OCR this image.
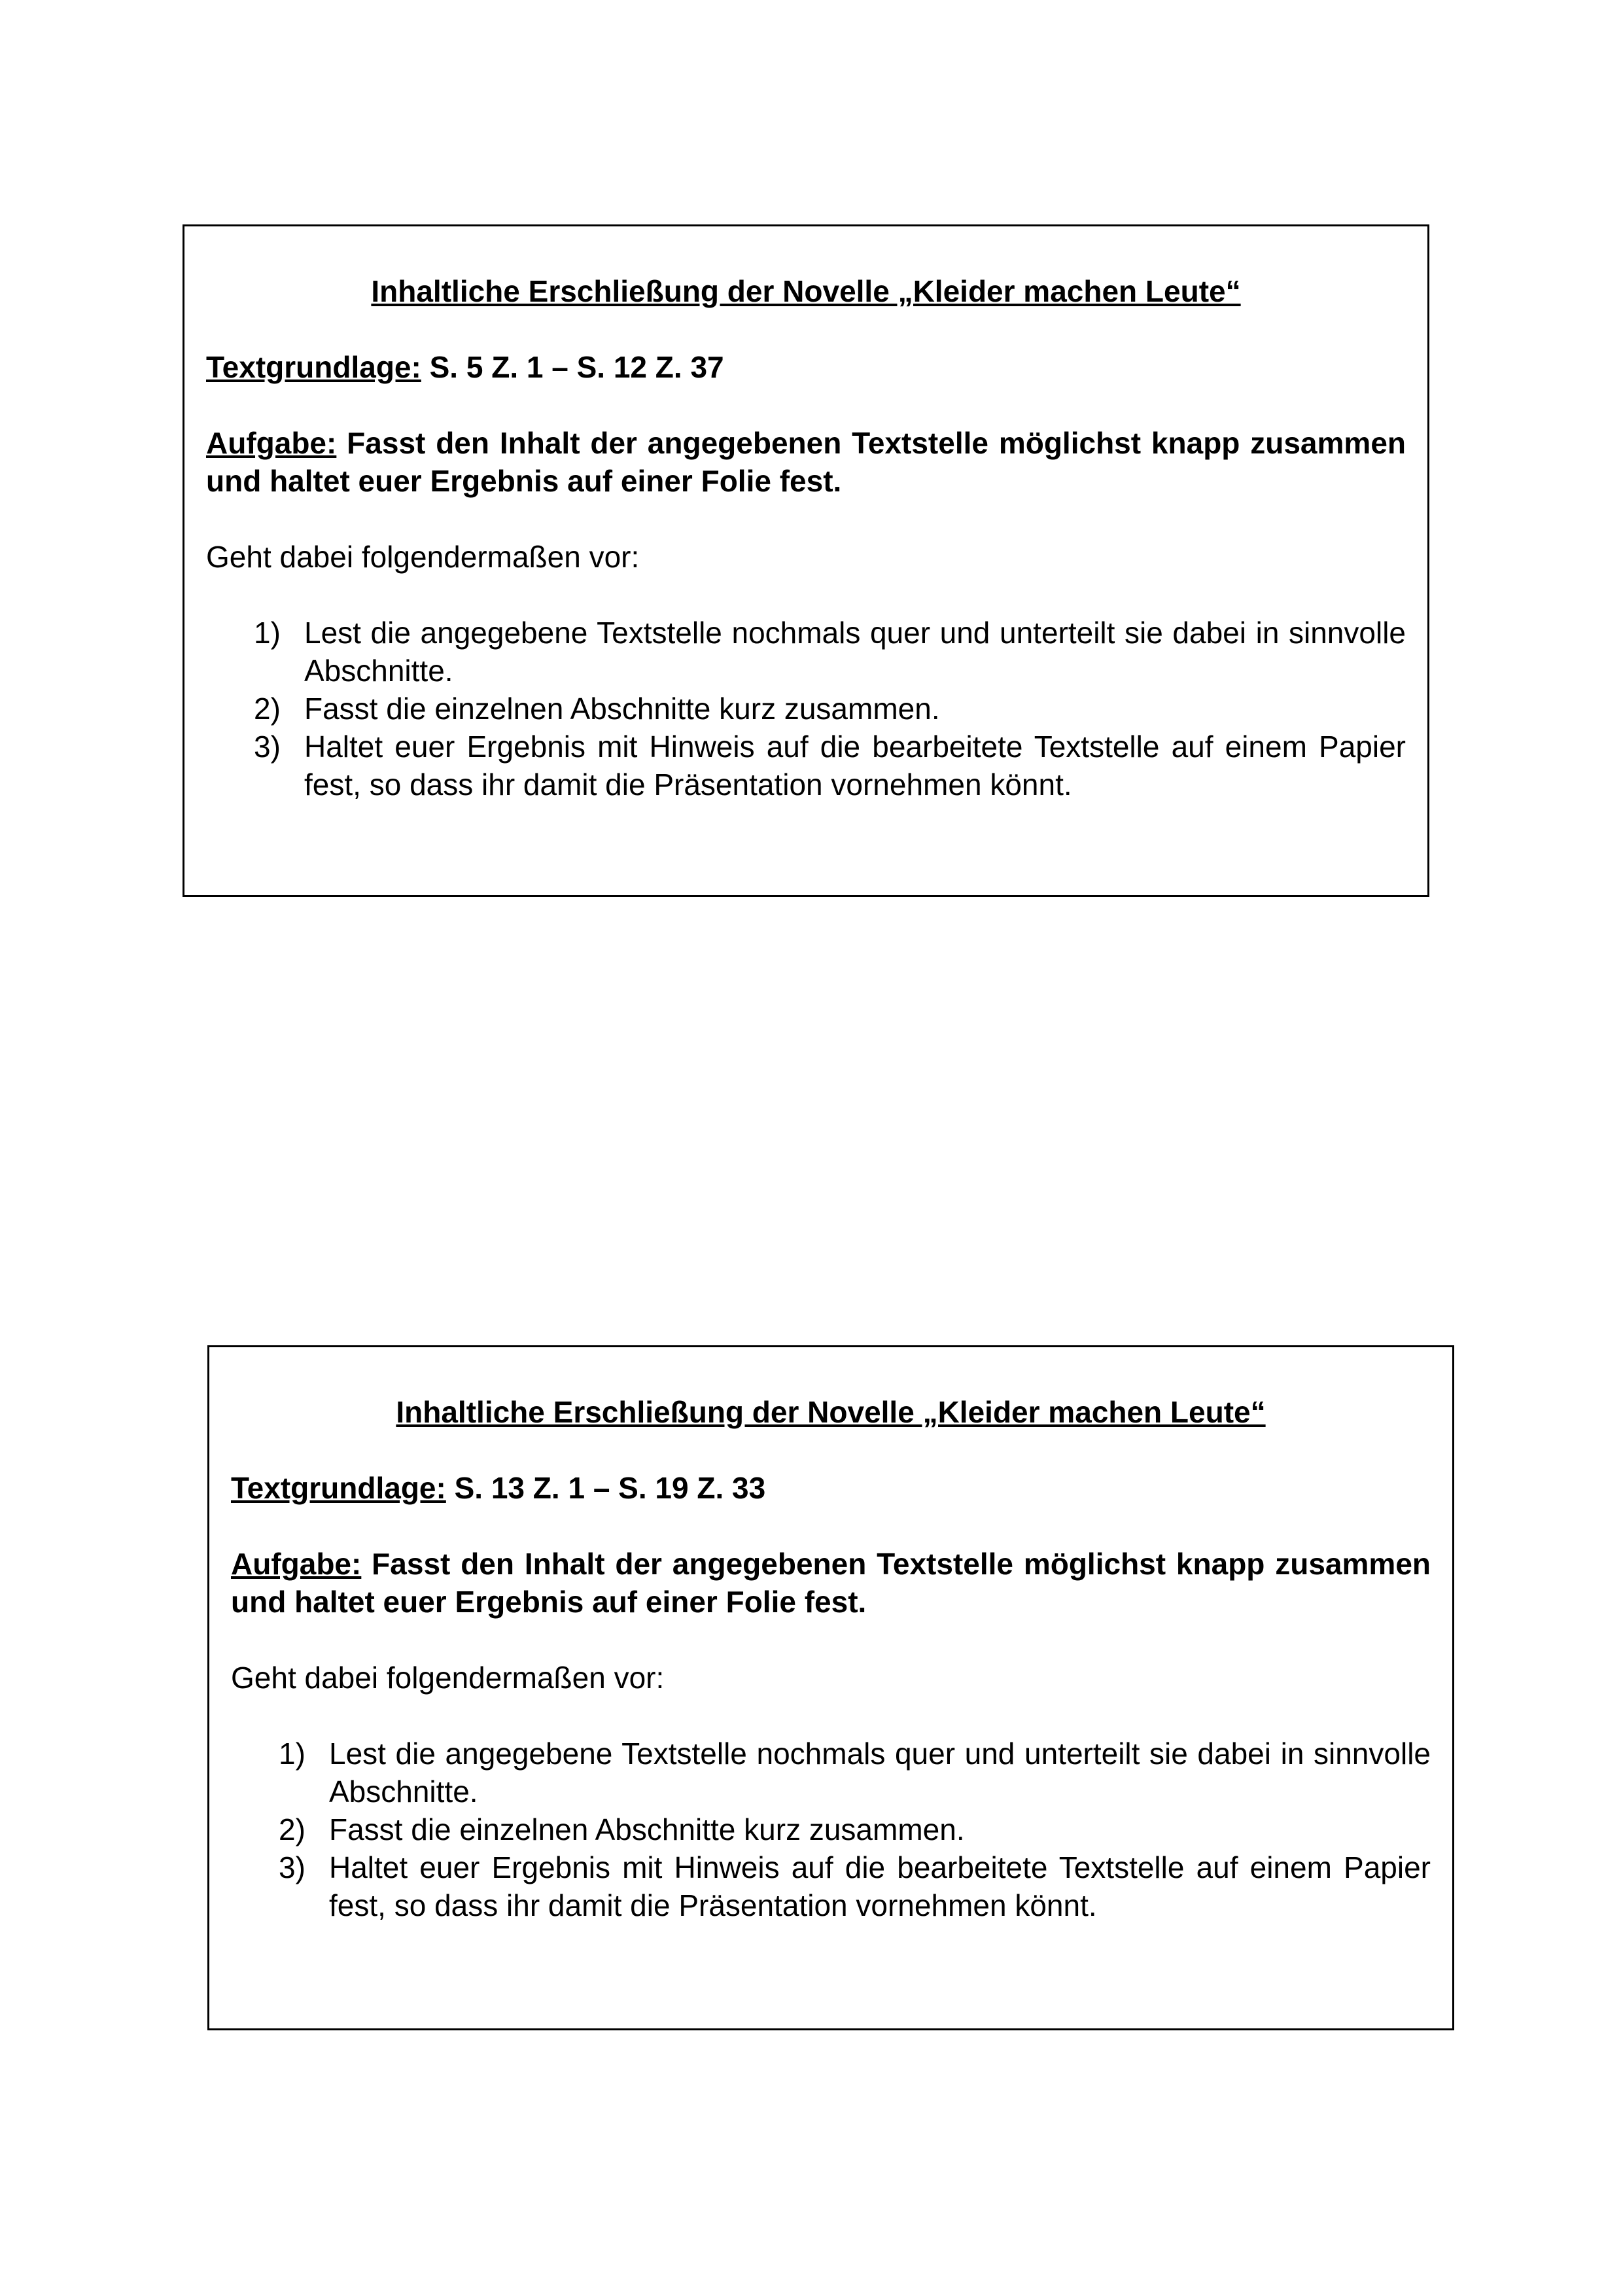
Inhaltliche Erschließung der Novelle „Kleider machen Leute“
Textgrundlage: S. 5 Z. 1 – S. 12 Z. 37
Aufgabe: Fasst den Inhalt der angegebenen Textstelle möglichst knapp zusammen und haltet euer Ergebnis auf einer Folie fest.
Geht dabei folgendermaßen vor:
1) Lest die angegebene Textstelle nochmals quer und unterteilt sie dabei in sinnvolle Abschnitte.
2) Fasst die einzelnen Abschnitte kurz zusammen.
3) Haltet euer Ergebnis mit Hinweis auf die bearbeitete Textstelle auf einem Papier fest, so dass ihr damit die Präsentation vornehmen könnt.
Inhaltliche Erschließung der Novelle „Kleider machen Leute“
Textgrundlage: S. 13 Z. 1 – S. 19 Z. 33
Aufgabe: Fasst den Inhalt der angegebenen Textstelle möglichst knapp zusammen und haltet euer Ergebnis auf einer Folie fest.
Geht dabei folgendermaßen vor:
1) Lest die angegebene Textstelle nochmals quer und unterteilt sie dabei in sinnvolle Abschnitte.
2) Fasst die einzelnen Abschnitte kurz zusammen.
3) Haltet euer Ergebnis mit Hinweis auf die bearbeitete Textstelle auf einem Papier fest, so dass ihr damit die Präsentation vornehmen könnt.
